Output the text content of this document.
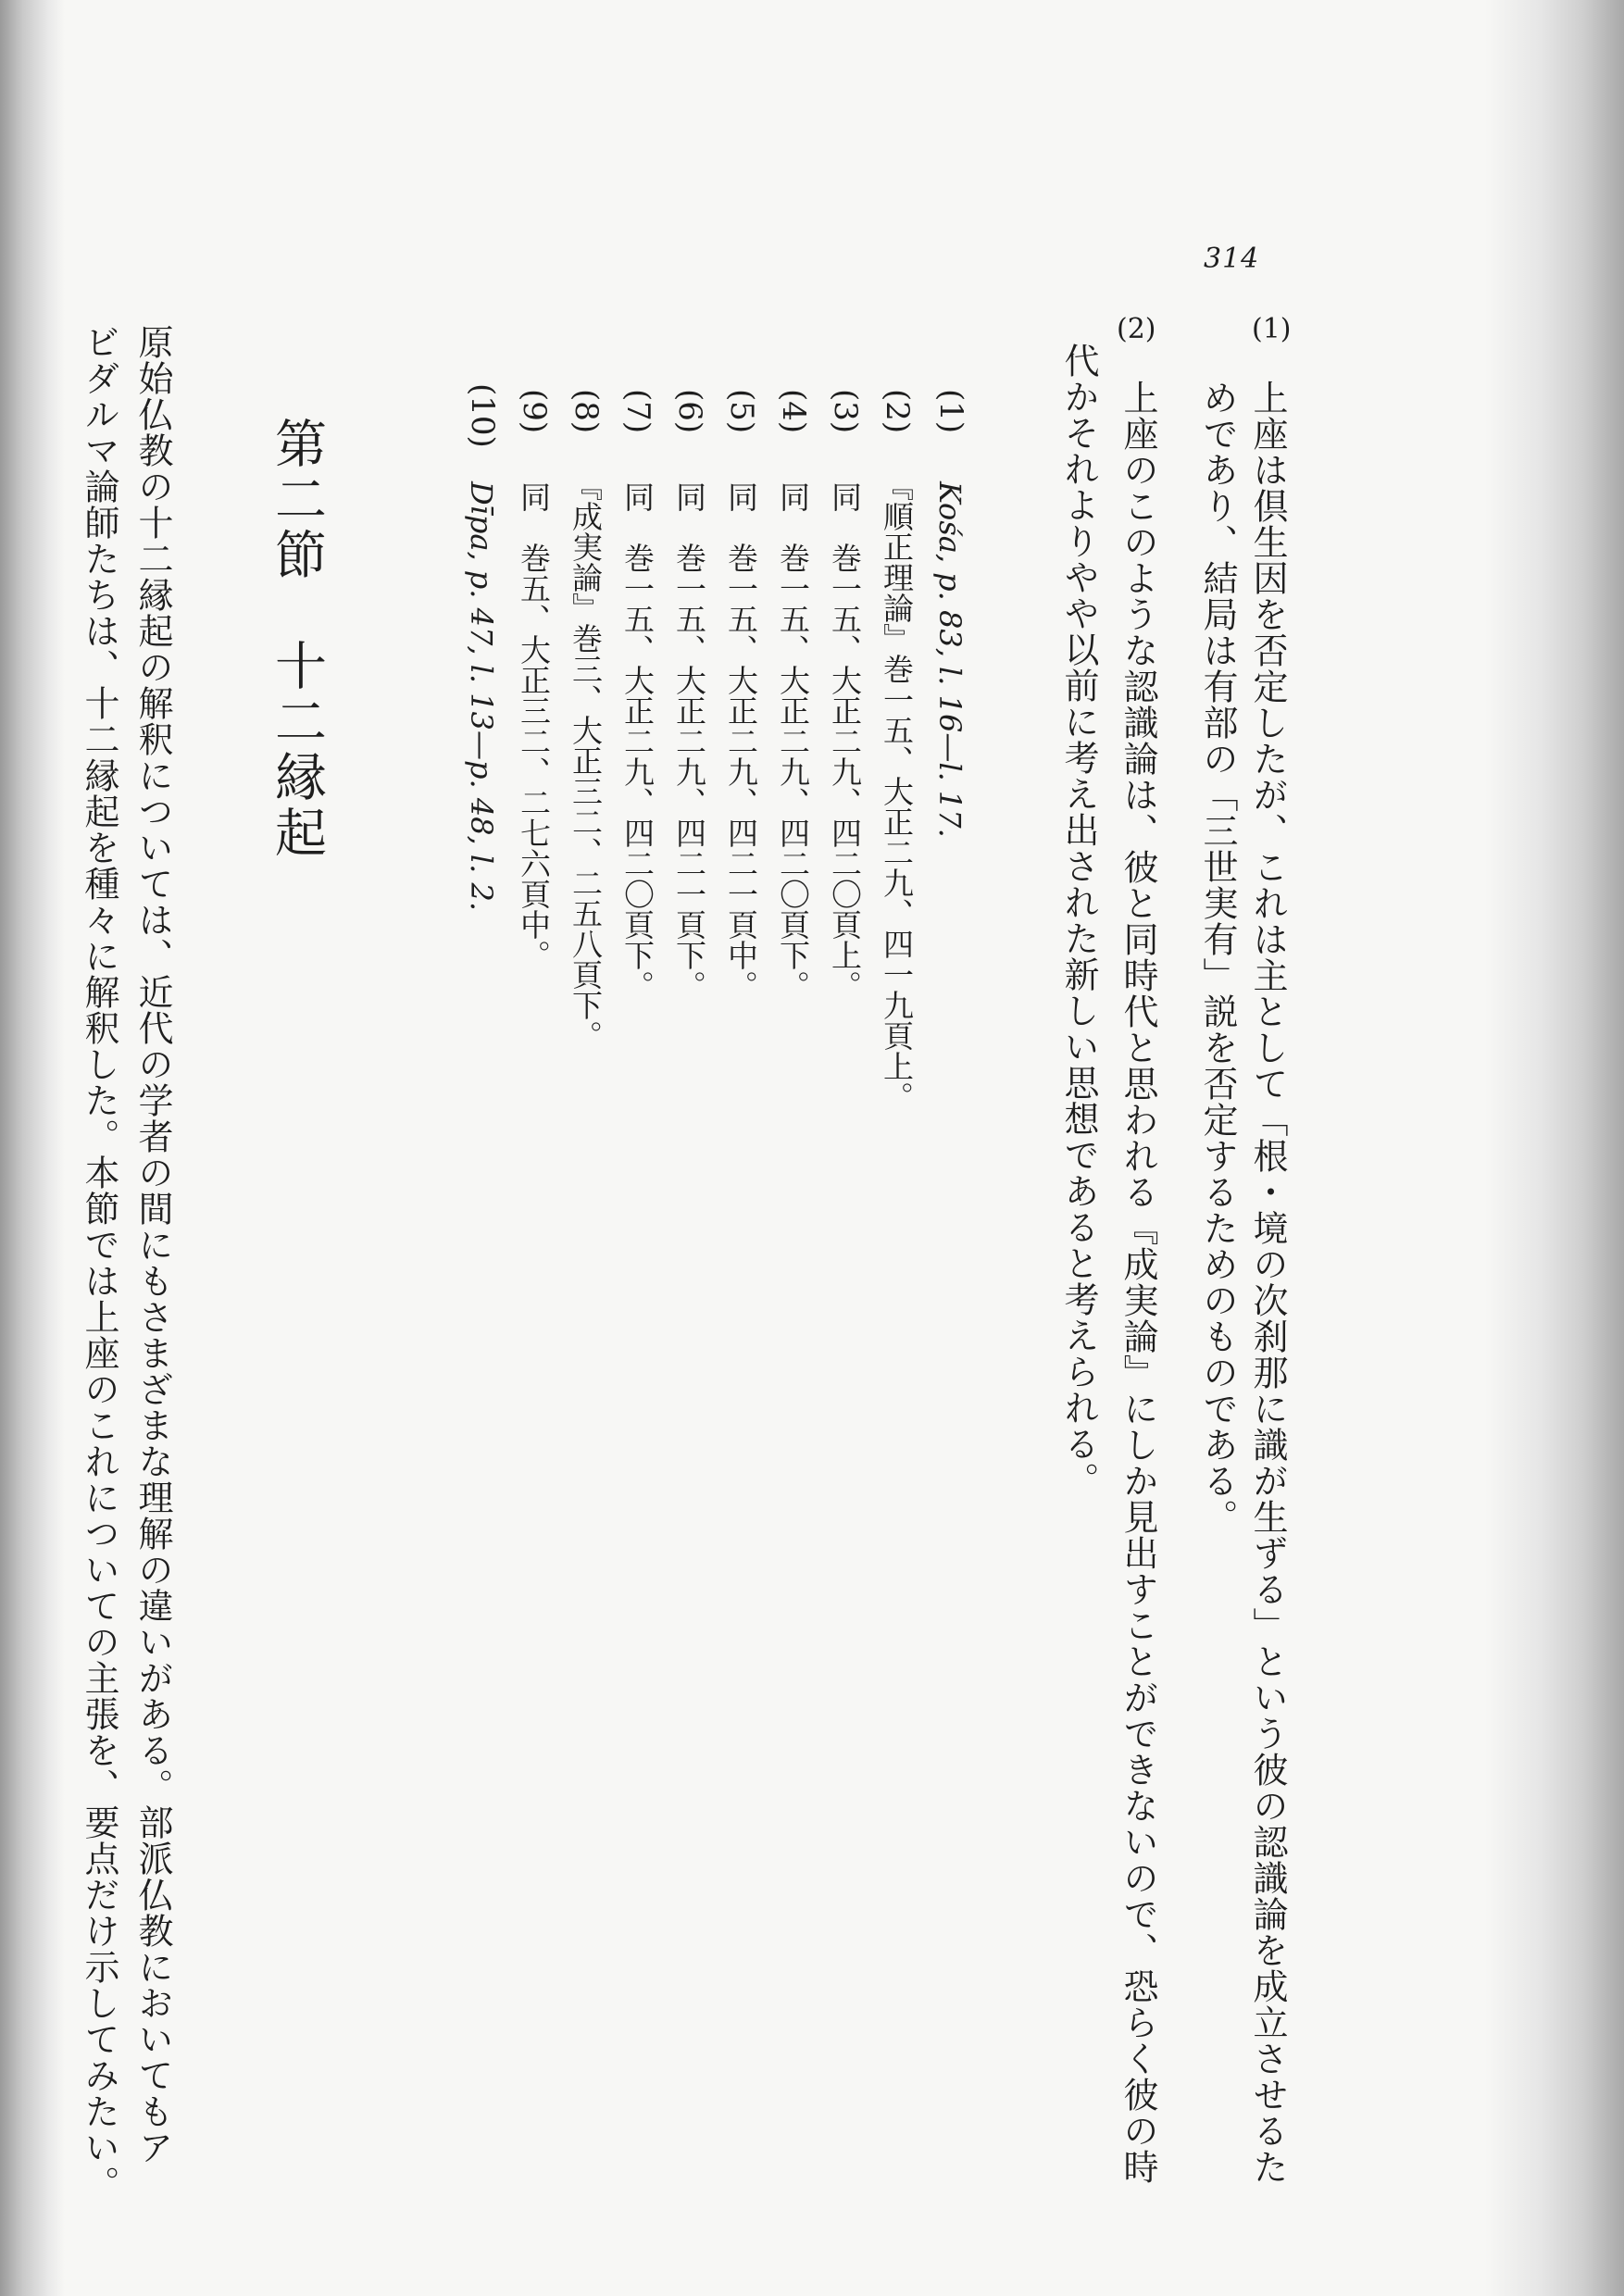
314
(1)
上座は倶生因を否定したが、これは主として「根・境の次刹那に識が生ずる」という彼の認識論を成立させるた
めであり、結局は有部の「三世実有」説を否定するためのものである。
(2)
上座のこのような認識論は、彼と同時代と思われる『成実論』にしか見出すことができないので、恐らく彼の時
代かそれよりやや以前に考え出された新しい思想であると考えられる。
(1)
Kośa, p. 83, l. 16—l. 17.
(2)
『順正理論』巻一五、大正二九、四一九頁上。
(3)
同　巻一五、大正二九、四二〇頁上。
(4)
同　巻一五、大正二九、四二〇頁下。
(5)
同　巻一五、大正二九、四二一頁中。
(6)
同　巻一五、大正二九、四二一頁下。
(7)
同　巻一五、大正二九、四二〇頁下。
(8)
『成実論』巻三、大正三二、二五八頁下。
(9)
同　巻五、大正三二、二七六頁中。
(10)
Dīpa, p. 47, l. 13—p. 48, l. 2.
第二節　十二縁起
原始仏教の十二縁起の解釈については、近代の学者の間にもさまざまな理解の違いがある。部派仏教においてもア
ビダルマ論師たちは、十二縁起を種々に解釈した。本節では上座のこれについての主張を、要点だけ示してみたい。
